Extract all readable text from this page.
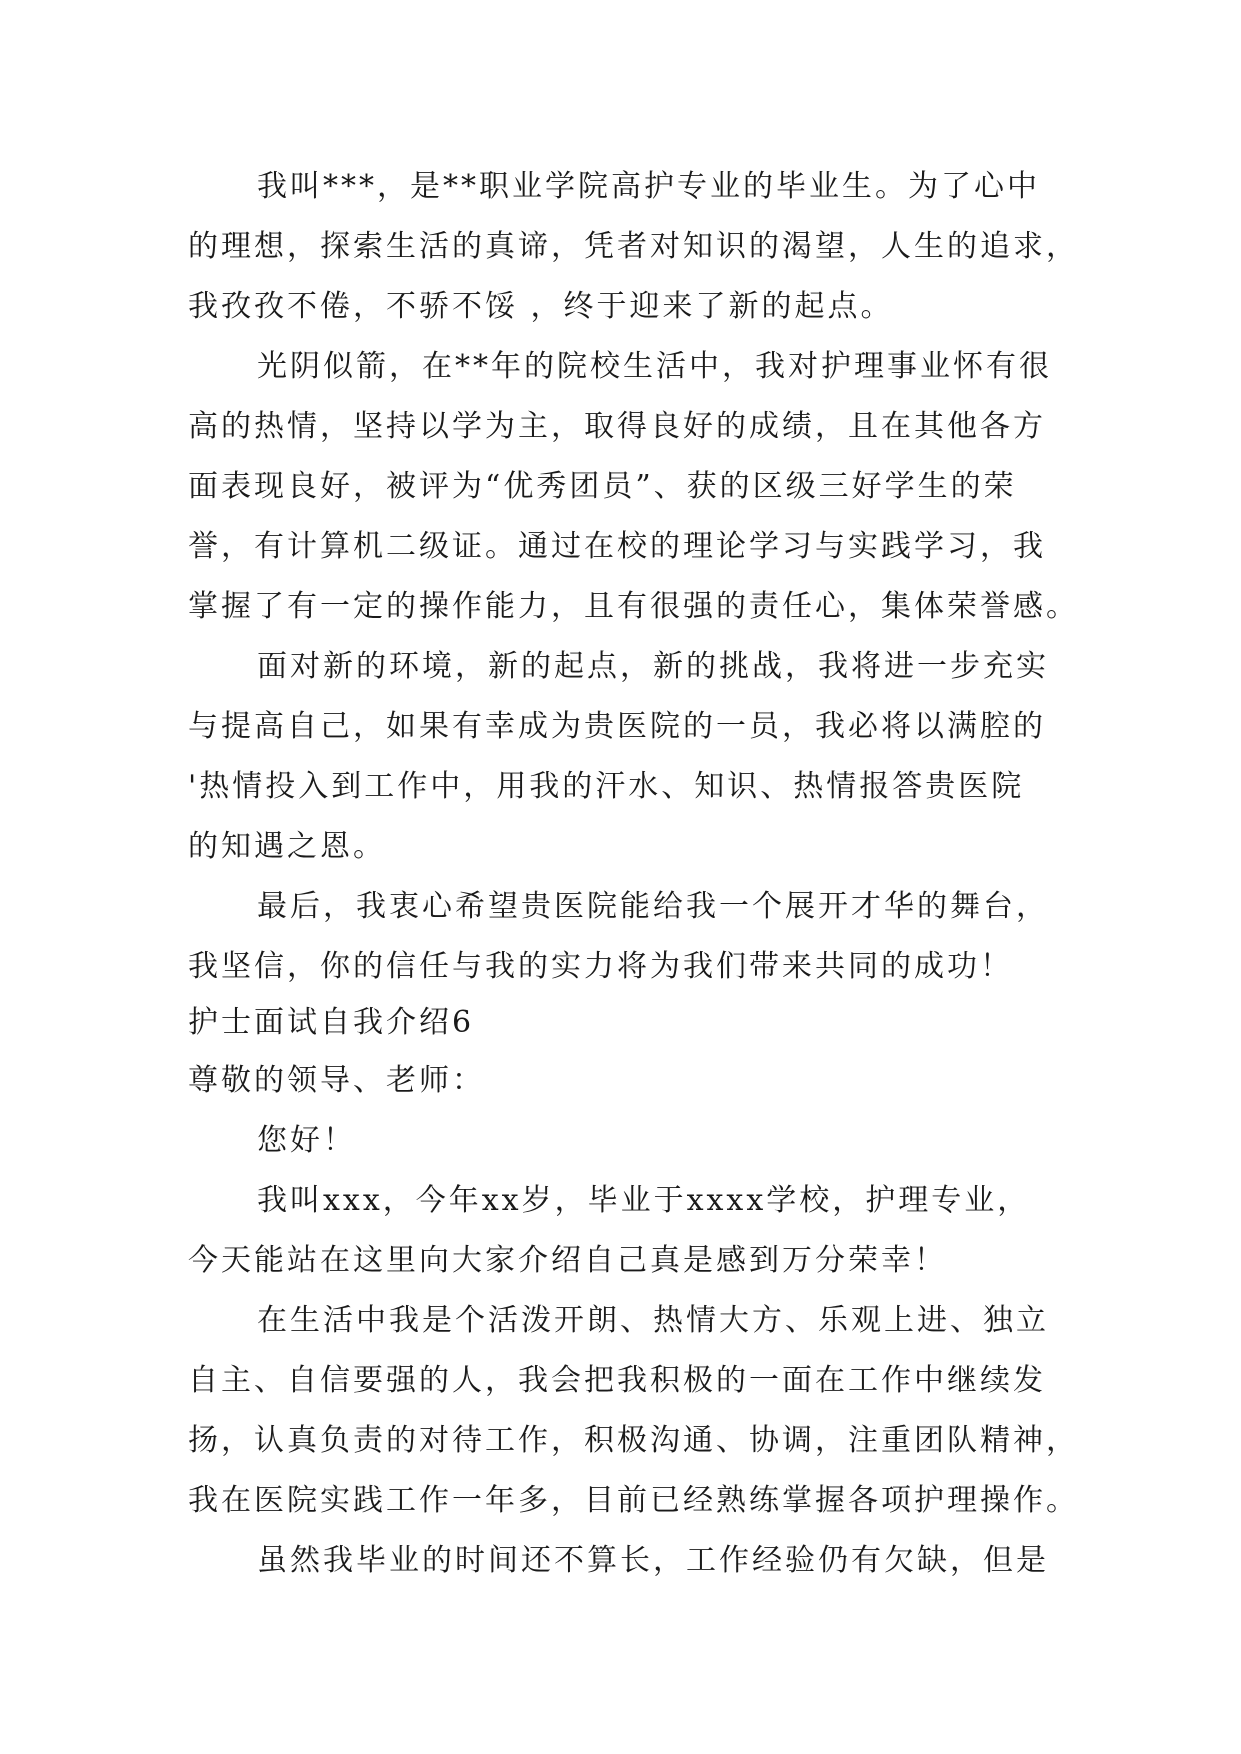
我叫***，是**职业学院高护专业的毕业生。为了心中
的理想，探索生活的真谛，凭者对知识的渴望，人生的追求，
我孜孜不倦，不骄不馁 ，终于迎来了新的起点。
光阴似箭，在**年的院校生活中，我对护理事业怀有很
高的热情，坚持以学为主，取得良好的成绩，且在其他各方
面表现良好，被评为“优秀团员”、获的区级三好学生的荣
誉，有计算机二级证。通过在校的理论学习与实践学习，我
掌握了有一定的操作能力，且有很强的责任心，集体荣誉感。
面对新的环境，新的起点，新的挑战，我将进一步充实
与提高自己，如果有幸成为贵医院的一员，我必将以满腔的
'热情投入到工作中，用我的汗水、知识、热情报答贵医院
的知遇之恩。
最后，我衷心希望贵医院能给我一个展开才华的舞台，
我坚信，你的信任与我的实力将为我们带来共同的成功！
护士面试自我介绍6
尊敬的领导、老师：
您好！
我叫xxx，今年xx岁，毕业于xxxx学校，护理专业，
今天能站在这里向大家介绍自己真是感到万分荣幸！
在生活中我是个活泼开朗、热情大方、乐观上进、独立
自主、自信要强的人，我会把我积极的一面在工作中继续发
扬，认真负责的对待工作，积极沟通、协调，注重团队精神，
我在医院实践工作一年多，目前已经熟练掌握各项护理操作。
虽然我毕业的时间还不算长，工作经验仍有欠缺，但是
